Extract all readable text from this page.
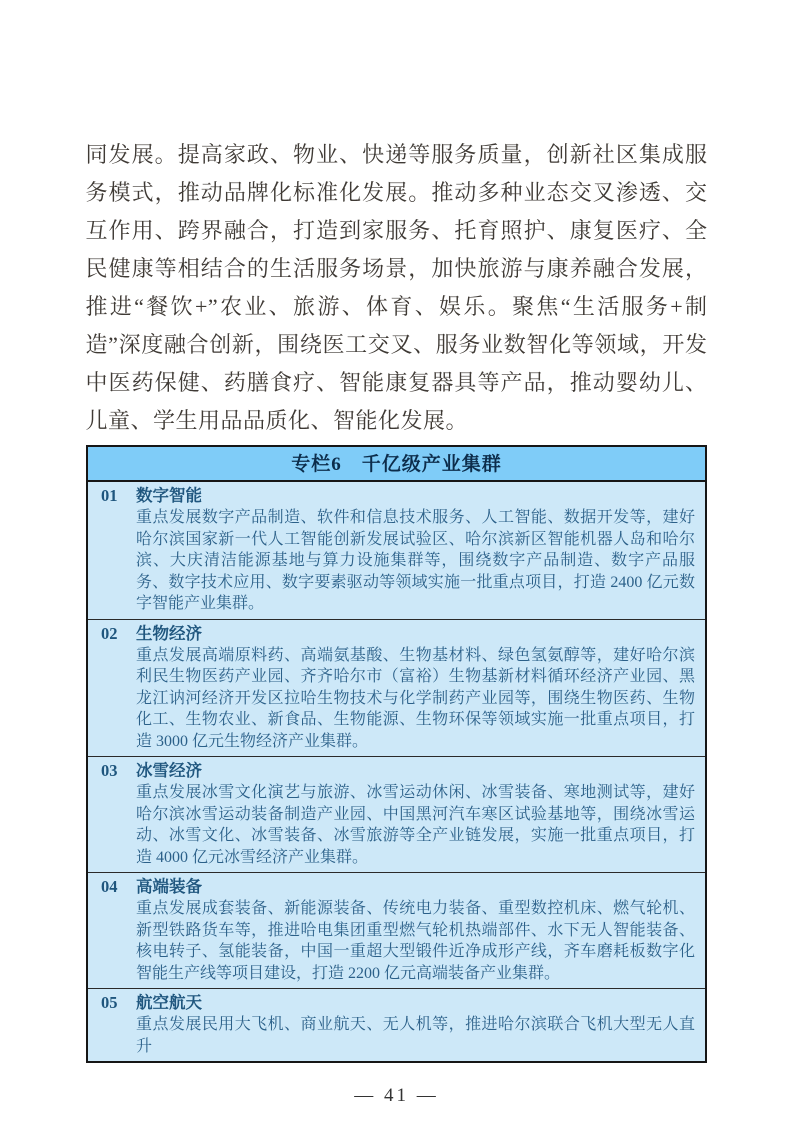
同发展。提高家政、物业、快递等服务质量，创新社区集成服务模式，推动品牌化标准化发展。推动多种业态交叉渗透、交互作用、跨界融合，打造到家服务、托育照护、康复医疗、全民健康等相结合的生活服务场景，加快旅游与康养融合发展，推进“餐饮+”农业、旅游、体育、娱乐。聚焦“生活服务+制造”深度融合创新，围绕医工交叉、服务业数智化等领域，开发中医药保健、药膳食疗、智能康复器具等产品，推动婴幼儿、儿童、学生用品品质化、智能化发展。

专栏6　千亿级产业集群
01 数字智能
重点发展数字产品制造、软件和信息技术服务、人工智能、数据开发等，建好哈尔滨国家新一代人工智能创新发展试验区、哈尔滨新区智能机器人岛和哈尔滨、大庆清洁能源基地与算力设施集群等，围绕数字产品制造、数字产品服务、数字技术应用、数字要素驱动等领域实施一批重点项目，打造 2400 亿元数字智能产业集群。
02 生物经济
重点发展高端原料药、高端氨基酸、生物基材料、绿色氢氨醇等，建好哈尔滨利民生物医药产业园、齐齐哈尔市（富裕）生物基新材料循环经济产业园、黑龙江讷河经济开发区拉哈生物技术与化学制药产业园等，围绕生物医药、生物化工、生物农业、新食品、生物能源、生物环保等领域实施一批重点项目，打造 3000 亿元生物经济产业集群。
03 冰雪经济
重点发展冰雪文化演艺与旅游、冰雪运动休闲、冰雪装备、寒地测试等，建好哈尔滨冰雪运动装备制造产业园、中国黑河汽车寒区试验基地等，围绕冰雪运动、冰雪文化、冰雪装备、冰雪旅游等全产业链发展，实施一批重点项目，打造 4000 亿元冰雪经济产业集群。
04 高端装备
重点发展成套装备、新能源装备、传统电力装备、重型数控机床、燃气轮机、新型铁路货车等，推进哈电集团重型燃气轮机热端部件、水下无人智能装备、核电转子、氢能装备，中国一重超大型锻件近净成形产线，齐车磨耗板数字化智能生产线等项目建设，打造 2200 亿元高端装备产业集群。
05 航空航天
重点发展民用大飞机、商业航天、无人机等，推进哈尔滨联合飞机大型无人直升
— 41 —
